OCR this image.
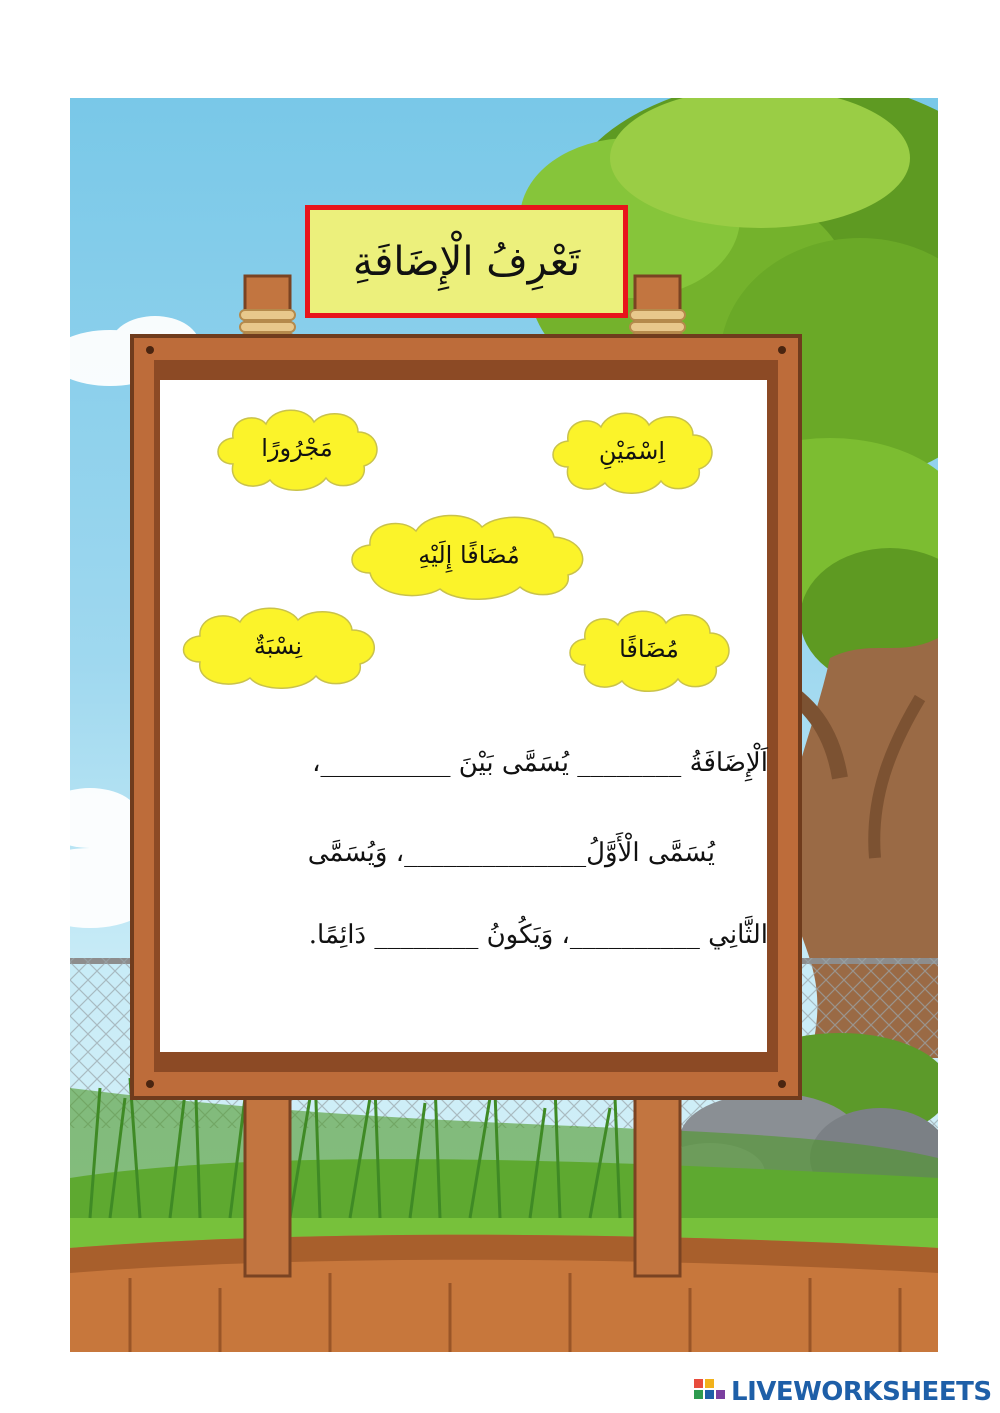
تَعْرِفُ الْإِضَافَةِ
مَجْرُورًا	اِسْمَيْنِ
مُضَافًا إِلَيْهِ
نِسْبَةٌ	مُضَافًا
اَلْإِضَافَةُ ________ يُسَمَّى بَيْنَ __________،
يُسَمَّى الْأَوَّلُ______________، وَيُسَمَّى
الثَّانِي __________، وَيَكُونُ ________ دَائِمًا.
LIVEWORKSHEETS
